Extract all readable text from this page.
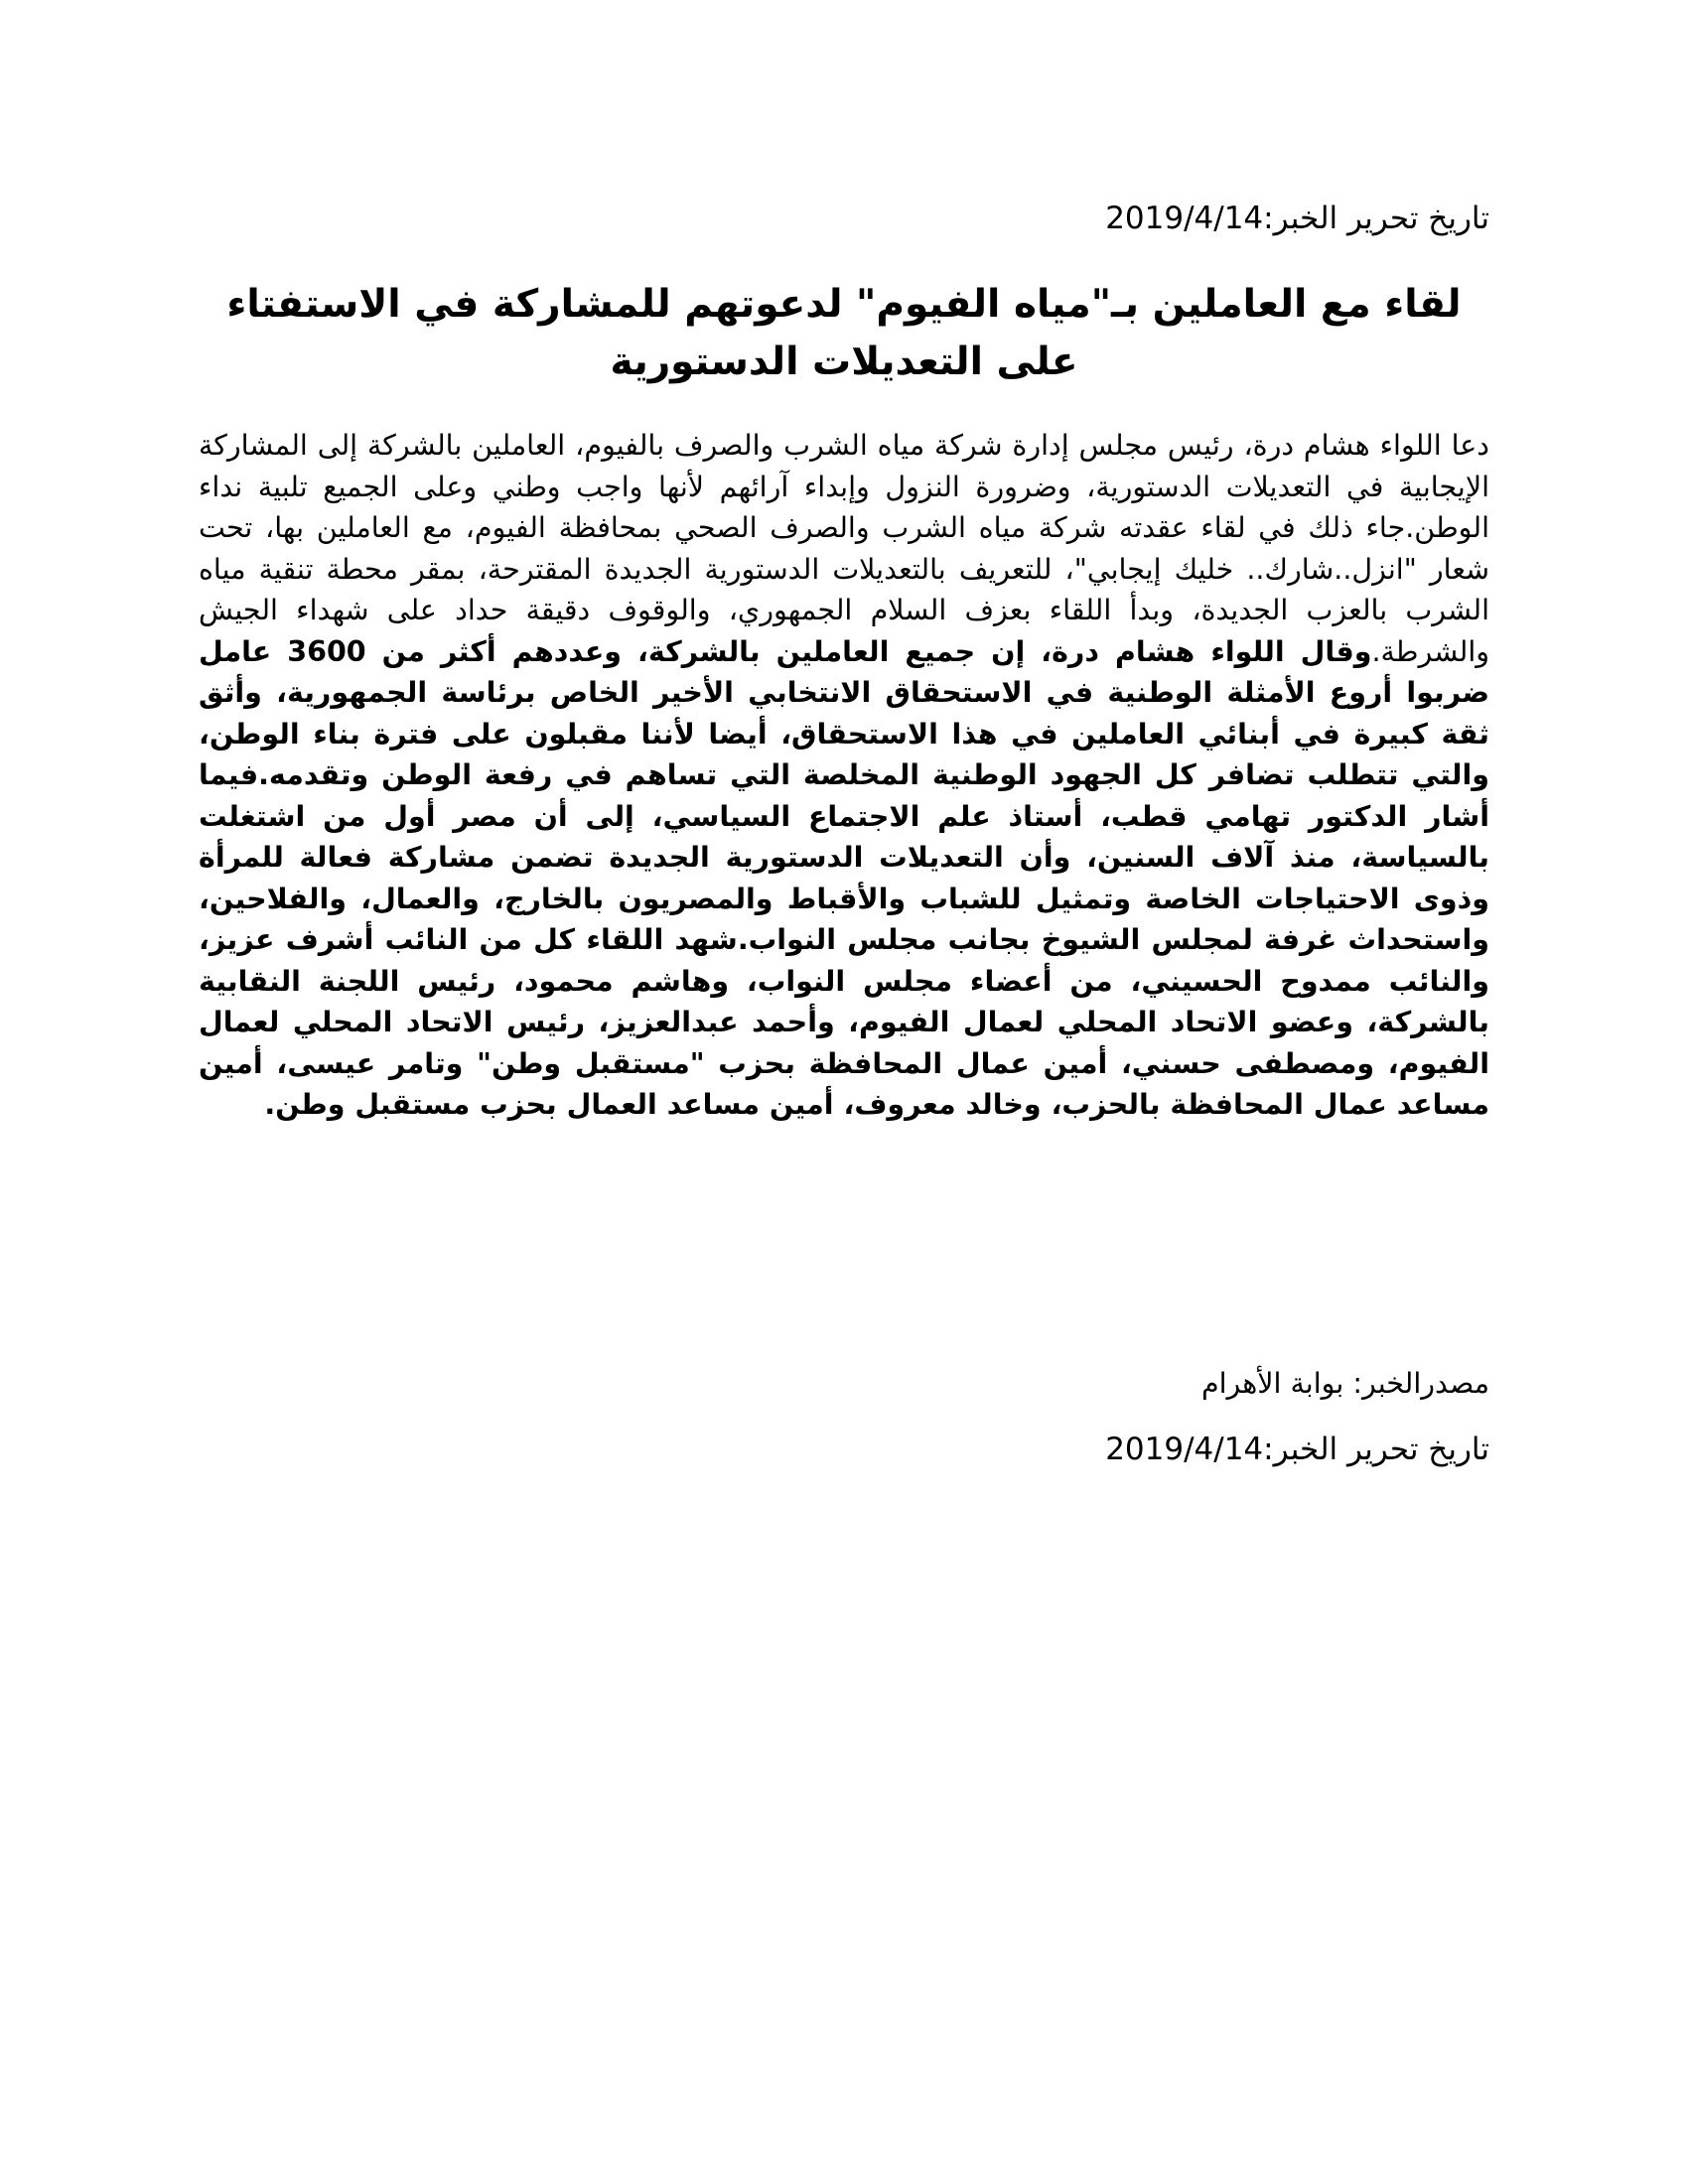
تاريخ تحرير الخبر:2019/4/14
لقاء مع العاملين بـ"مياه الفيوم" لدعوتهم للمشاركة في الاستفتاء على التعديلات الدستورية

دعا اللواء هشام درة، رئيس مجلس إدارة شركة مياه الشرب والصرف بالفيوم، العاملين بالشركة إلى المشاركة الإيجابية في التعديلات الدستورية، وضرورة النزول وإبداء آرائهم لأنها واجب وطني وعلى الجميع تلبية نداء الوطن.جاء ذلك في لقاء عقدته شركة مياه الشرب والصرف الصحي بمحافظة الفيوم، مع العاملين بها، تحت شعار "انزل..شارك.. خليك إيجابي"، للتعريف بالتعديلات الدستورية الجديدة المقترحة، بمقر محطة تنقية مياه الشرب بالعزب الجديدة، وبدأ اللقاء بعزف السلام الجمهوري، والوقوف دقيقة حداد على شهداء الجيش والشرطة.وقال اللواء هشام درة، إن جميع العاملين بالشركة، وعددهم أكثر من 3600 عامل ضربوا أروع الأمثلة الوطنية في الاستحقاق الانتخابي الأخير الخاص برئاسة الجمهورية، وأثق ثقة كبيرة في أبنائي العاملين في هذا الاستحقاق، أيضا لأننا مقبلون على فترة بناء الوطن، والتي تتطلب تضافر كل الجهود الوطنية المخلصة التي تساهم في رفعة الوطن وتقدمه.فيما أشار الدكتور تهامي قطب، أستاذ علم الاجتماع السياسي، إلى أن مصر أول من اشتغلت بالسياسة، منذ آلاف السنين، وأن التعديلات الدستورية الجديدة تضمن مشاركة فعالة للمرأة وذوى الاحتياجات الخاصة وتمثيل للشباب والأقباط والمصريون بالخارج، والعمال، والفلاحين، واستحداث غرفة لمجلس الشيوخ بجانب مجلس النواب.شهد اللقاء كل من النائب أشرف عزيز، والنائب ممدوح الحسيني، من أعضاء مجلس النواب، وهاشم محمود، رئيس اللجنة النقابية بالشركة، وعضو الاتحاد المحلي لعمال الفيوم، وأحمد عبدالعزيز، رئيس الاتحاد المحلي لعمال الفيوم، ومصطفى حسني، أمين عمال المحافظة بحزب "مستقبل وطن" وتامر عيسى، أمين مساعد عمال المحافظة بالحزب، وخالد معروف، أمين مساعد العمال بحزب مستقبل وطن.

مصدرالخبر: بوابة الأهرام
تاريخ تحرير الخبر:2019/4/14
